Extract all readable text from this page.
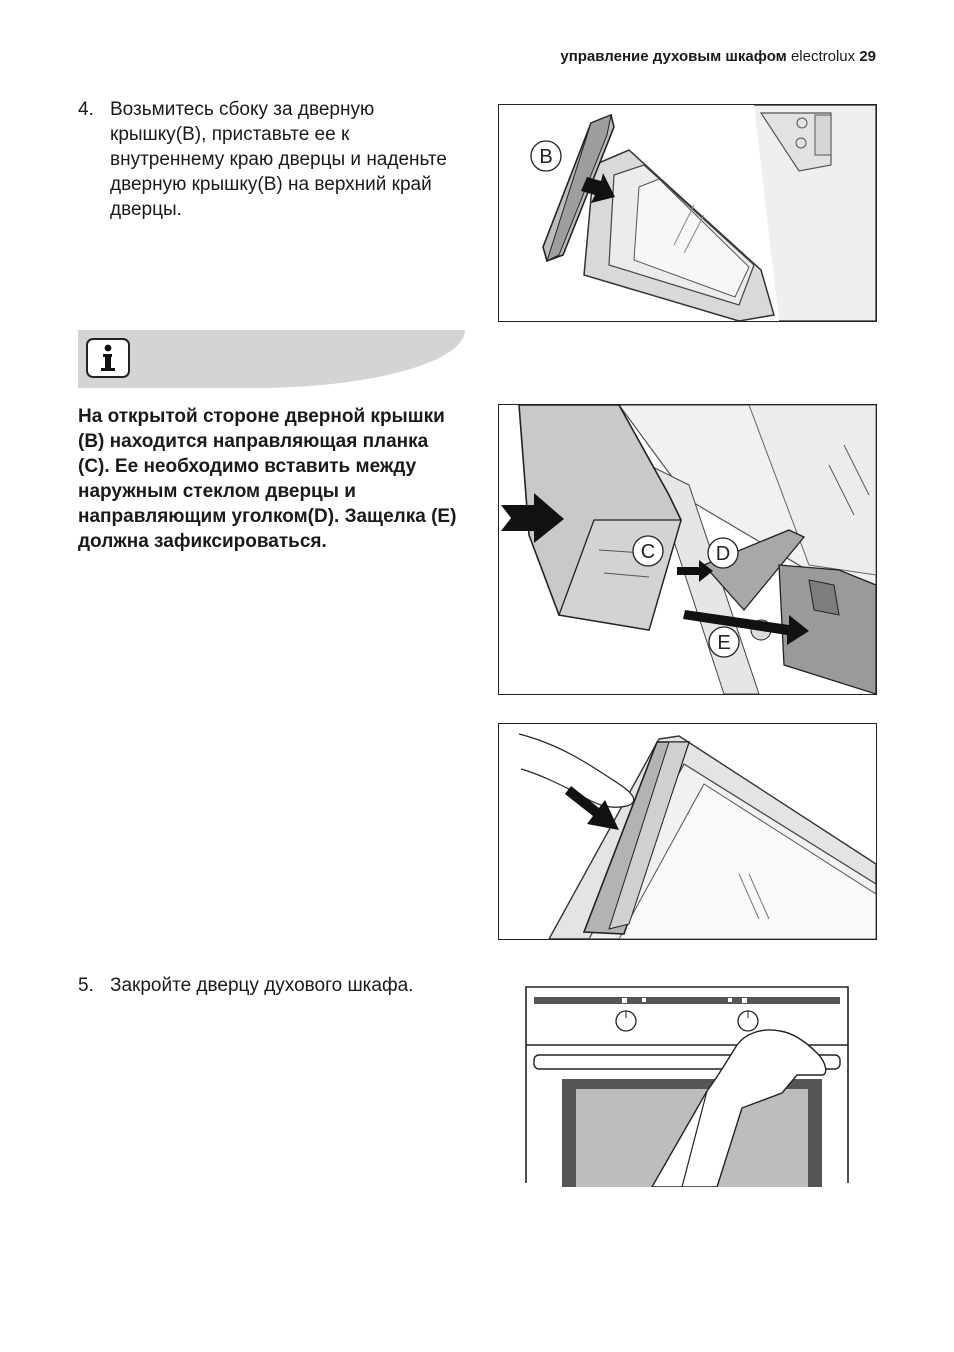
управление духовым шкафом electrolux 29
4. Возьмитесь сбоку за дверную крышку(B), приставьте ее к внутреннему краю дверцы и наденьте дверную крышку(B) на верхний край дверцы.
На открытой стороне дверной крышки (B) находится направляющая планка (C). Ее необходимо вставить между наружным стеклом дверцы и направляющим уголком(D). Защелка (E) должна зафиксироваться.
B
C	D
E
5. Закройте дверцу духового шкафа.
